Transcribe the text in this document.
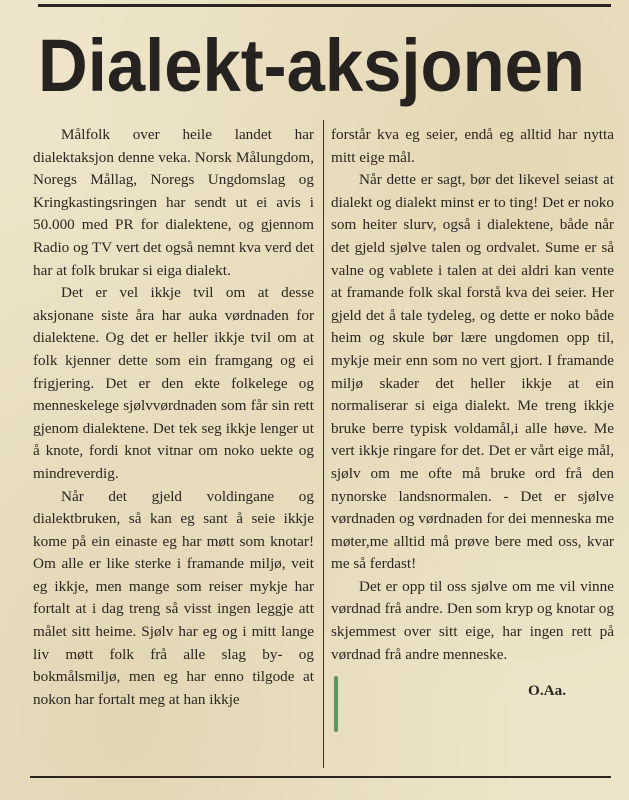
Dialekt-aksjonen

Målfolk over heile landet har dialektaksjon denne veka. Norsk Målungdom, Noregs Mållag, Noregs Ungdomslag og Kringkastingsringen har sendt ut ei avis i 50.000 med PR for dialektene, og gjennom Radio og TV vert det også nemnt kva verd det har at folk brukar si eiga dialekt.

Det er vel ikkje tvil om at desse aksjonane siste åra har auka vørdnaden for dialektene. Og det er heller ikkje tvil om at folk kjenner dette som ein framgang og ei frigjering. Det er den ekte folkelege og menneskelege sjølvvørdnaden som får sin rett gjenom dialektene. Det tek seg ikkje lenger ut å knote, fordi knot vitnar om noko uekte og mindreverdig.

Når det gjeld voldingane og dialektbruken, så kan eg sant å seie ikkje kome på ein einaste eg har møtt som knotar! Om alle er like sterke i framande miljø, veit eg ikkje, men mange som reiser mykje har fortalt at i dag treng så visst ingen leggje att målet sitt heime. Sjølv har eg og i mitt lange liv møtt folk frå alle slag by- og bokmålsmiljø, men eg har enno tilgode at nokon har fortalt meg at han ikkje

forstår kva eg seier, endå eg alltid har nytta mitt eige mål.

Når dette er sagt, bør det likevel seiast at dialekt og dialekt minst er to ting! Det er noko som heiter slurv, også i dialektene, både når det gjeld sjølve talen og ordvalet. Sume er så valne og vablete i talen at dei aldri kan vente at framande folk skal forstå kva dei seier. Her gjeld det å tale tydeleg, og dette er noko både heim og skule bør lære ungdomen opp til, mykje meir enn som no vert gjort. I framande miljø skader det heller ikkje at ein normaliserar si eiga dialekt. Me treng ikkje bruke berre typisk voldamål,i alle høve. Me vert ikkje ringare for det. Det er vårt eige mål, sjølv om me ofte må bruke ord frå den nynorske landsnormalen. - Det er sjølve vørdnaden og vørdnaden for dei menneska me møter,me alltid må prøve bere med oss, kvar me så ferdast!

Det er opp til oss sjølve om me vil vinne vørdnad frå andre. Den som kryp og knotar og skjemmest over sitt eige, har ingen rett på vørdnad frå andre menneske.

O.Aa.
